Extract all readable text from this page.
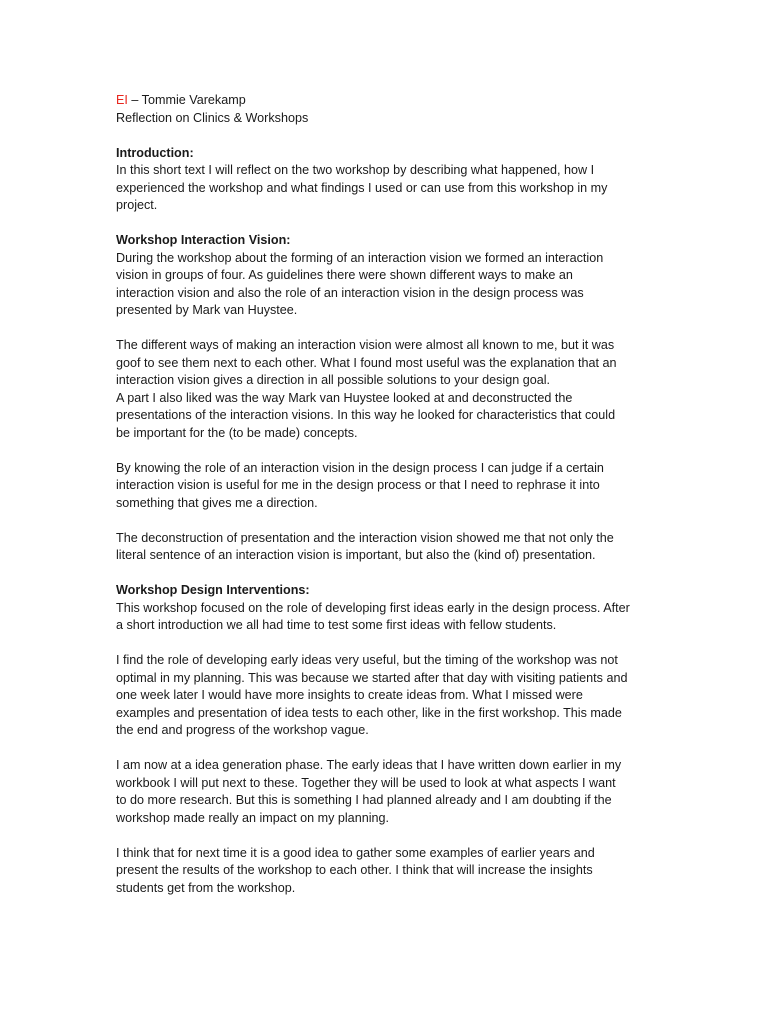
EI – Tommie Varekamp
Reflection on Clinics & Workshops
Introduction:
In this short text I will reflect on the two workshop by describing what happened, how I
experienced the workshop and what findings I used or can use from this workshop in my
project.
Workshop Interaction Vision:
During the workshop about the forming of an interaction vision we formed an interaction
vision in groups of four. As guidelines there were shown different ways to make an
interaction vision and also the role of an interaction vision in the design process was
presented by Mark van Huystee.
The different ways of making an interaction vision were almost all known to me, but it was
goof to see them next to each other. What I found most useful was the explanation that an
interaction vision gives a direction in all possible solutions to your design goal.
A part I also liked was the way Mark van Huystee looked at and deconstructed the
presentations of the interaction visions. In this way he looked for characteristics that could
be important for the (to be made) concepts.
By knowing the role of an interaction vision in the design process I can judge if a certain
interaction vision is useful for me in the design process or that I need to rephrase it into
something that gives me a direction.
The deconstruction of presentation and the interaction vision showed me that not only the
literal sentence of an interaction vision is important, but also the (kind of) presentation.
Workshop Design Interventions:
This workshop focused on the role of developing first ideas early in the design process. After
a short introduction we all had time to test some first ideas with fellow students.
I find the role of developing early ideas very useful, but the timing of the workshop was not
optimal in my planning. This was because we started after that day with visiting patients and
one week later I would have more insights to create ideas from. What I missed were
examples and presentation of idea tests to each other, like in the first workshop. This made
the end and progress of the workshop vague.
I am now at a idea generation phase. The early ideas that I have written down earlier in my
workbook I will put next to these. Together they will be used to look at what aspects I want
to do more research. But this is something I had planned already and I am doubting if the
workshop made really an impact on my planning.
I think that for next time it is a good idea to gather some examples of earlier years and
present the results of the workshop to each other. I think that will increase the insights
students get from the workshop.
